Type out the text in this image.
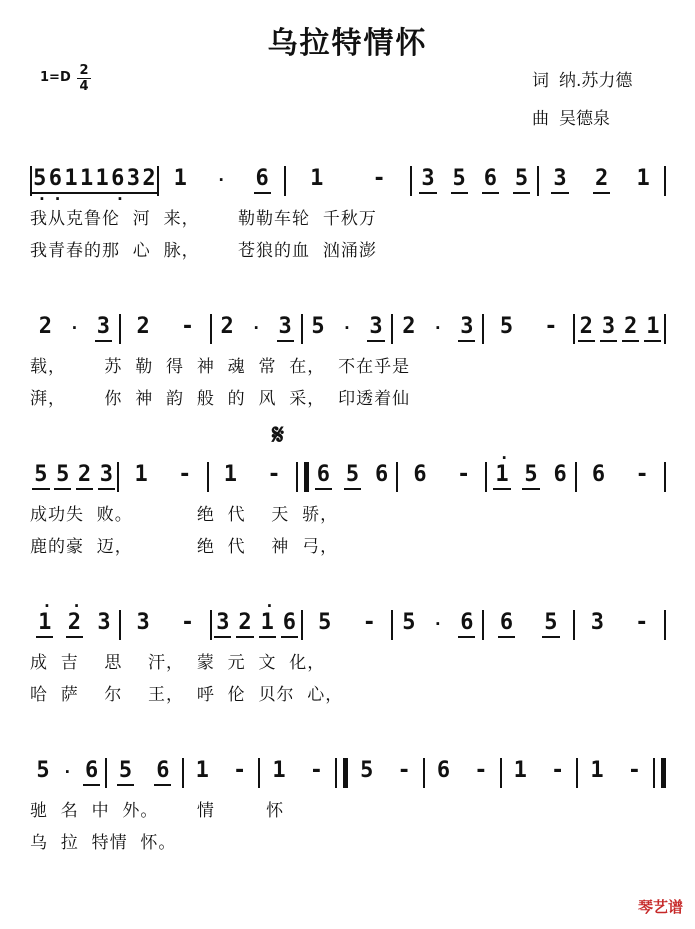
乌拉特情怀
1=D 2
4	词 纳.苏力德
曲 吴德泉
· 5 · 6 1 1 1 · 6 3 2 1 · 6 1 - 3 5 6 5 3 2 1
我从克鲁伦  河  来，      勒勒车轮  千秋万
我青春的那  心  脉，      苍狼的血  汹涌澎
2 · 3 2 - 2 · 3 5 · 3 2 · 3 5 - 2 3 2 1
载，      苏  勒  得  神  魂  常  在，  不在乎是
湃，      你  神  韵  般  的  风  采，  印透着仙
𝄋
5 5 2 3 1 - 1 - 6 5 6 6 - · 1 5 6 6 -
成功失  败。          绝  代    天  骄，
鹿的豪  迈，          绝  代    神  弓，
· 1 · 2 3 3 - 3 2 · 1 6 5 - 5 · 6 6 5 3 -
成  吉    思    汗，  蒙  元  文  化，
哈  萨    尔    王，  呼  伦  贝尔  心，
5 · 6 5 6 1 - 1 - 5 - 6 - 1 - 1 -
驰  名  中  外。      情        怀
乌  拉  特情  怀。
琴艺谱
